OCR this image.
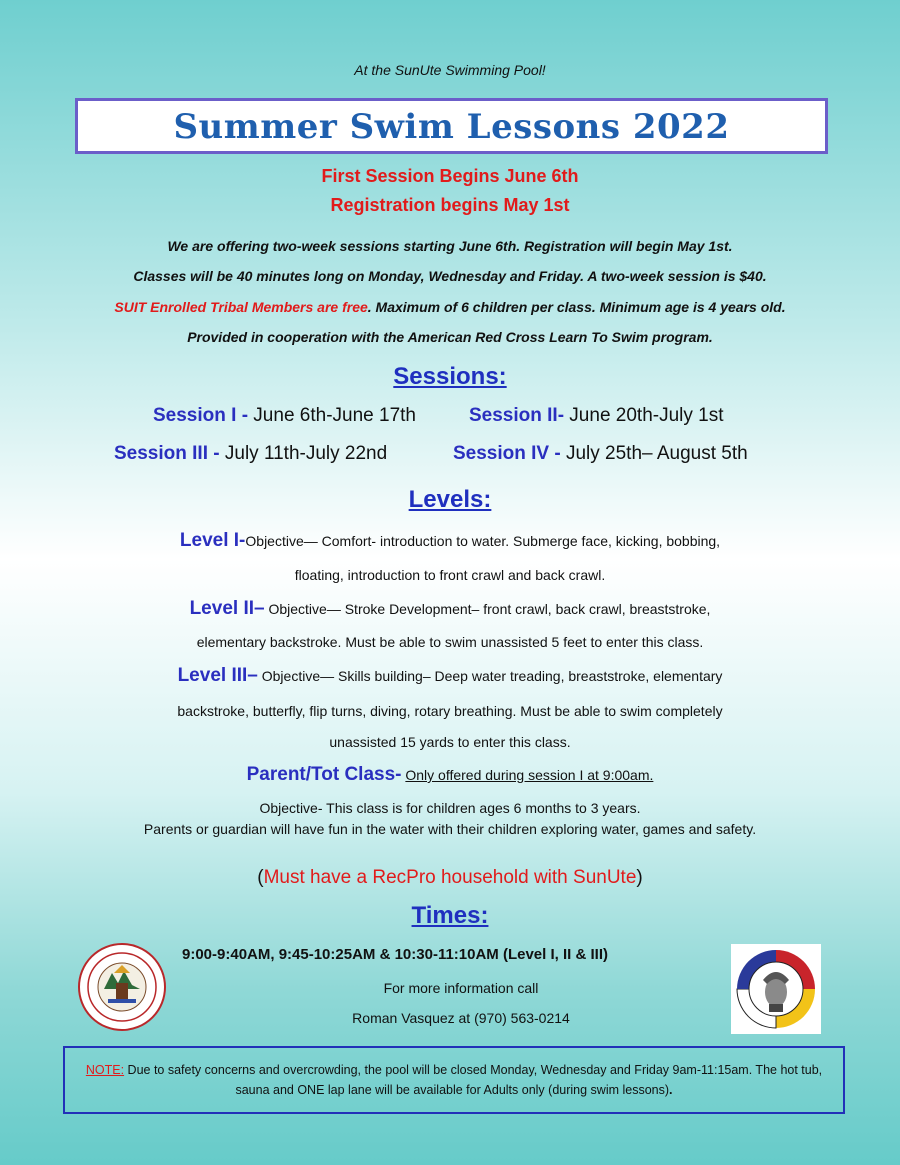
At the SunUte Swimming Pool!
Summer Swim Lessons 2022
First Session Begins June 6th
Registration begins May 1st
We are offering two-week sessions starting June 6th. Registration will begin May 1st.
Classes will be 40 minutes long on Monday, Wednesday and Friday. A two-week session is $40.
SUIT Enrolled Tribal Members are free. Maximum of 6 children per class. Minimum age is 4 years old.
Provided in cooperation with the American Red Cross Learn To Swim program.
Sessions:
Session I - June 6th-June 17th	Session II- June 20th-July 1st
Session III - July 11th-July 22nd	Session IV - July 25th– August 5th
Levels:
Level I-Objective— Comfort- introduction to water. Submerge face, kicking, bobbing,
floating, introduction to front crawl and back crawl.
Level II– Objective— Stroke Development– front crawl, back crawl, breaststroke,
elementary backstroke. Must be able to swim unassisted 5 feet to enter this class.
Level III– Objective— Skills building– Deep water treading, breaststroke, elementary
backstroke, butterfly, flip turns, diving, rotary breathing. Must be able to swim completely
unassisted 15 yards to enter this class.
Parent/Tot Class- Only offered during session I at 9:00am.
Objective- This class is for children ages 6 months to 3 years.
Parents or guardian will have fun in the water with their children exploring water, games and safety.
(Must have a RecPro household with SunUte)
Times:
9:00-9:40AM, 9:45-10:25AM & 10:30-11:10AM (Level I, II & III)
For more information call
Roman Vasquez at (970) 563-0214
NOTE: Due to safety concerns and overcrowding, the pool will be closed Monday, Wednesday and Friday 9am-11:15am. The hot tub, sauna and ONE lap lane will be available for Adults only (during swim lessons).
